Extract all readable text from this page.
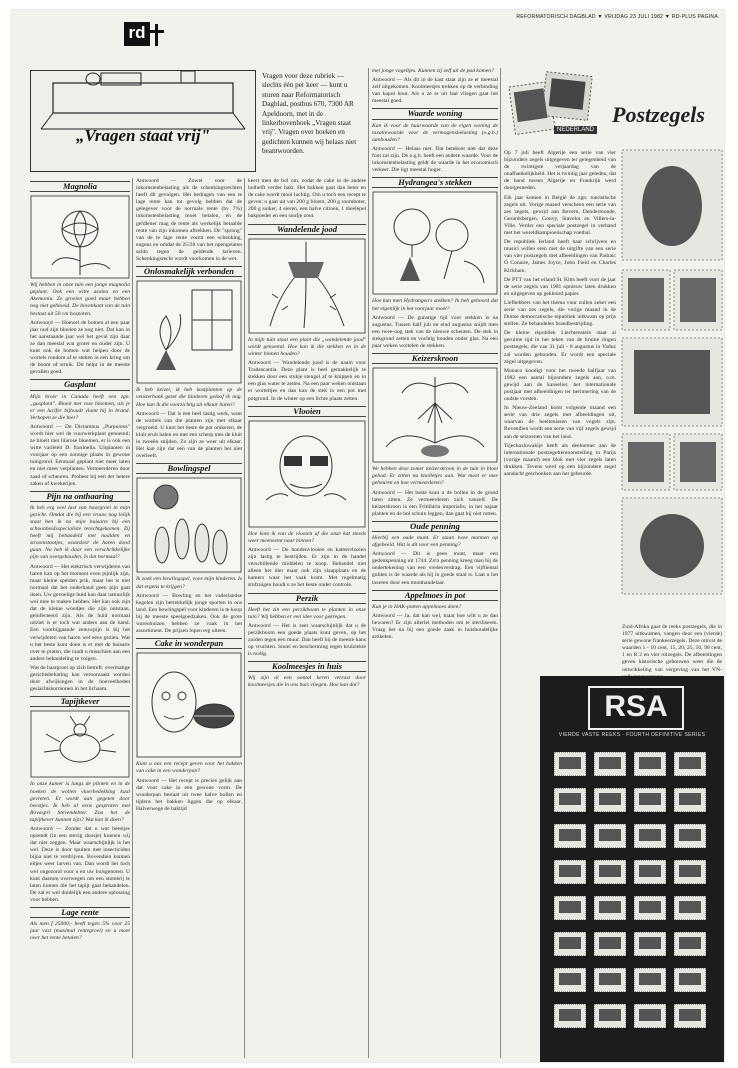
REFORMATORISCH DAGBLAD ▼ VRIJDAG 23 JULI 1982 ▼ RD-PLUS PAGINA
rd
„Vragen staat vrij"
Vragen voor deze rubriek — slechts één per keer — kunt u sturen naar Reformatorisch Dagblad, postbus 670, 7300 AR Apeldoorn, met in de linkerbovenhoek „Vragen staat vrij". Vragen over boeken en gedichten kunnen wij helaas niet beantwoorden.
Magnolia

Wij hebben in onze tuin een jonge magnolia geplant. Ook een witte azalea en een Akemonia. Ze groeien goed maar hebben nog niet gebloeid. De bovenkant van de tuin bestaat uit 50 cm bospoten.

Antwoord — Hoewel de bomen al een paar jaar oud zijn bloeien ze nog niet. Dat kan in het aanstaande jaar wel het geval zijn daar ze dan meestal wat groter en ouder zijn. U kunt ook de bomen wat helpen door de wortels rondom af te steken in een kring om de boom of struik. Dit helpt in de meeste gevallen goed.

Gasplant

Mijn broer in Canada heeft een zgn. „gasplant". Bloeit met rose bloemen, als je er een lucifer bijhoudt vlamt hij in brand. Verkopen ze die hier?

Antwoord — De Dictamnus „Purpureus" wordt hier wel de vuurwerkplant genoemd; ze bloeit met lilarose bloemen, er is ook een witte variëteit D. fraxinella. Uitplanten in voorjaar op een zonnige plaats in gewone tuingrond. Eenmaal geplant niet meer laten en niet meer verplanten. Vermeerderen door zaad of scheuren. Probeer bij een der betere zaken of kwekerijen.

Pijn na onthaaring

Ik heb erg veel last van haargroei in mijn gezicht. Omdat die bij een vrouw nog lelijk staat ben ik na mijn huisarts bij een schoonheidsspecialiste terechtgekomen. Zij heeft mij behandeld met naalden en stroomstootjes, waardoor de haren dood gaan. Nu heb ik daar een verschrikkelijke pijn van overgehouden. Is dat normaal?

Antwoord — Het elektrisch verwijderen van haren kan op het moment even pijnlijk zijn, maar kleine spelden prik, maar het is niet normaal dat het onderhand geen pijn gaat doen. Uw gevoelige huid kan daar natuurlijk wel mee te maken hebben. Het kan ook zijn dat de kleine wondjes die zijn ontstaan, geïnfecteerd zijn. Als de huid normaal uitziet is er toch wat anders aan de hand. Een voorbijgaande zenuwpijn is bij het verwijderen van haren wel eens gezien. Wat u het beste kunt doen is er met de huisarts over te praten, die raadt u misschien aan een andere behandeling te volgen.

Wat de haargroei op zich betreft: overmatige gezichtsbeharing kan veroorzaakt worden door afwijkingen in de hoeveelheden geslachtshormonen in het lichaam.

Tapijtkever

In onze kamer is langs de plinten en in de hoeken de wollen vloerbedekking kaal gevreten. Er wordt aan gegeten door beestjes. Ik heb al eens gesproten met Rovaspri Stevendebter. Zou het de tapijtkever kunnen zijn? Wat kan ik doen?

Antwoord — Zonder dat u wat beestjes opzendt (in een stevig doosje) kunnen wij dat niet zeggen. Maar waarschijnlijk is het wel. Deze is door spuiten met insecticiden bijna niet te verdrijven. Bovendien kunnen eitjes weer larven van. Dan wordt het toch wel ongezond voor u en uw huisgenoten. U kunt daarom overwegen om een stomerij te laten komen die het tapijt gaat behandelen. De zal er wel duidelijk een andere oplossing voor hebben.

Lage rente

Als men f 25000,- heeft tegen 5% voor 25 jaar vast (maximal rentegroei) en u moet over het rente betalen?

Antwoord — Zowel voor de inkomstenbelasting als de schenkingsrechten heeft dit gevolgen. Het bedragen van een te lage rente kan tot gevolg hebben dat de gelegever voor de normale rente (bv 7%) inkomstenbelasting moet betalen, en de geldlener mag de rente als werkelijk betaalde rente van zijn inkomen aftrekken. De "sprong" van de te lage rente vormt een schenking, engens en omdat de 25/28 van het opengelaten saldo tegen de geldende tarieven. Schenkingsrecht wordt voorkomen in de wet.

Onlosmakelijk verbonden

Ik heb keizer, ik heb kastplanten op de vensterbank gezet die hinderen geloof ik nog. Hoe kan ik die voorzichtig uit elkaar halen?

Antwoord — Dat is een heel lastig werk, want de wortels van die planten zijn met elkaar vergroeid. U kunt het beste de pot omkeren, de kluit eruit halen en met een scherp mes de kluit in tweeën snijden. Zo zijn ze weer uit elkaar. Het kan zijn dat een van de planten het niet overleeft.

Bowlingspel

Ik zoek een bowlingspel, voor mijn kinderen. Is dat ergens te krijgen?

Antwoord — Bowling en het vaderlandse kegelen zijn betrekkelijk jonge sporten in ons land. Een bowlingspel voor kinderen is te koop bij de meeste speelgoedzaken. Ook de grote warenhuizen hebben ze vaak in het assortiment. De prijzen lopen erg uiteen.

Cake in wonderpan

Kunt u ons een recept geven voor het bakken van cake in een wonderpan?

Antwoord — Het recept is precies gelijk aan dat voor cake in een gewone vorm. De wonderpan bestaat uit twee halve bollen en tijdens het bakken liggen die op elkaar. Halverwege de baktijd

keert men de bol om, zodat de cake in de andere bolhelft verder bakt. Het bakken gaat dan beter en de cake wordt mooi luchtig. Om u toch een recept te geven: u gaat uit van 200 g bloem, 200 g roomboter, 200 g suiker, 4 eieren, een halve citroen, 1 theelepel bakpoeder en een snufje zout.

Wandelende jood

In mijn tuin staat een plant die „wandelende jood" wordt genoemd. Hoe kan ik die stekken en in de winter binnen houden?

Antwoord — Wandelende jood is de naam voor Tradescantia. Deze plant is heel gemakkelijk te stekken door een stukje stengel af te knippen en in een glas water te zetten. Na een paar weken ontstaan er worteltjes en dan kan de stek in een pot met potgrond. In de winter op een lichte plaats zetten.

Vlooien

Hoe kom ik van de vlooien af die onze kat steeds weer meeneemt naar binnen?

Antwoord — De hondenvlooien en kattenvlooien zijn lastig te bestrijden. Er zijn in de handel verschillende middelen te koop. Behandel niet alleen het dier maar ook zijn slaapplaats en de kamers waar het vaak komt. Met regelmatig stofzuigen houdt u ze het beste onder controle.

Perzik

Heeft het zin een perzikboom te planten in onze tuin? Wij hebben er een idee voor gekregen.

Antwoord — Het is zeer waarschijnlijk dat u de perzikboom een goede plaats kunt geven, op het zuiden tegen een muur. Dan heeft hij de meeste kans op vruchten. Snoei en bescherming tegen krulziekte is nodig.

Koolmeesjes in huis

Wij zijn al een aantal keren verrast door koolmeesjes die in ons huis vliegen. Hoe kan dat?

met jonge vogeltjes. Kunnen zij zelf uit de pad komen?

Antwoord — Als dit in de kast staat zijn ze er meestal zelf uitgekomen. Koolmeesjes trekken op de verbinding van kapot hout. Als u ze er uit laat vliegen gaat het meestal goed.

Waarde woning

Kan ik voor de huurwaarde van de eigen woning de taxatiewaarde voor de vermogensbelasting (o.g.b.) aanhouden?

Antwoord — Helaas niet. Dat betekent niet dat deze fout zal zijn. De o.g.b. heeft een andere waarde. Voor de inkomstenbelasting geldt de waarde in het economisch verkeer. Die ligt meestal hoger.

Hydrangea's stekken

Hoe kun men Hydrangea's stekken? Ik heb gehoord dat het eigenlijk in het voorjaar moet?

Antwoord — De gunstige tijd voor stekken is na augustus. Tussen half juli en eind augustus snijdt men een twee-oog stek van de nieuwe scheuten. De stek in stekgrond zetten en vochtig houden onder glas. Na een paar weken wortelen de stekken.

Keizerskroon

We hebben deze zomer keizerskroon in de tuin in bloei gehad. Er zitten nu knolletjes aan. Wat moet er mee gebeuren en hoe vermeerderen?

Antwoord — Het beste kunt u de bollen in de grond laten zitten. Ze vermeerderen zich vanzelf. De keizerskroon is een Fritillaria imperialis; in het najaar planten en de bol schuin leggen, dan gaat hij niet rotten.

Oude penning

Hierbij een oude munt. Er staan twee mannen op afgebeeld. Wat is dit voor een penning?

Antwoord — Dit is geen munt, maar een gedenkpenning uit 1744. Zo'n penning kreeg men bij de ondertekening van een vredesverdrag. Een vijftiental gulden is de waarde als hij in goede staat is. Laat u het taxeren door een munthandelaar.

Appelmoes in pot

Kun je in HAK-potten appelmoes doen?

Antwoord — Ja, dat kan wel, maar hoe wilt u ze dan bewaren? Er zijn allerlei methoden om te steriliseren. Vraag het na bij een goede zaak in huishoudelijke artikelen.

Postzegels
NEDERLAND

Op 7 juli heeft Algerije een serie van vier bijzondere zegels uitgegeven ter gelegenheid van de twintigste verjaardag van de onafhankelijkheid. Het is twintig jaar geleden, dat de band tussen Algerije en Frankrijk werd doorgesneden.

Elk jaar komen in België de zgn. toeristische zegels uit. Vorige maand verscheen een serie van zes zegels, gewijd aan Bevern, Dendermonde, Gerardsbergen, Gouvy, Stavelot en Villers-la-Ville. Verder een speciale postzegel in verband met het wereldkampioenschap voetbal.

De republiek Ierland heeft haar schrijvers en musici willen eren met de uitgifte van een serie van vier postzegels met afbeeldingen van Padraic Ó Conaire, James Joyce, John Field en Charles Kickham.

De PTT van het eiland St. Kitts heeft voor de jaar de serie zegels van 1981 opnieuw laten drukken en uitgegeven op gekleurd papier.

Liefhebbers van het thema vuur zullen zeker een serie van zes zegels, die vorige maand in de Duitse democratische republiek uitkwam op prijs stellen. Ze behandelen brandbestrijding.

De kleine republiek Liechtenstein staat al geruime tijd in het teken van de bruine ringen postzegels; die van 31 juli - 8 augustus in Vaduz zal worden gehouden. Er wordt een speciale zegel uitgegeven.

Monaco kondigt voor het tweede halfjaar van 1982 een aantal bijzondere zegels aan, o.m. gewijd aan de kanselier, het internationale postjaar met afbeeldingen ter herinnering van de oudste vorsten.

In Nieuw-Zeeland komt volgende maand een serie van drie zegels met afbeeldingen uit, waarvan de beeltenissen van vogels zijn. Bovendien wordt een serie van vijf zegels gewijd aan de seizoenen van het land.

Tsjechoslowakije heeft als deelnemer aan de internationale postzegeltentoonstelling in Parijs (vorige maand) een blok met vier zegels laten drukken. Tevens werd op een bijzondere zegel aandacht geschonken aan het gebeurde.

Zuid-Afrika gaat de reeks postzegels, die in 1977 uitkwamen, vangen door een (vierde) serie gewone frankeerzegels. Deze omvat de waarden 1 - 10 cent, 15, 20, 25, 50, 90 cent, 1 en R 2 en vier rolzegels. De afbeeldingen geven historische gebouwen weer die de ontwikkeling van vergeving van het VN-

RSA
VIERDE VASTE REEKS · FOURTH DEFINITIVE SERIES
